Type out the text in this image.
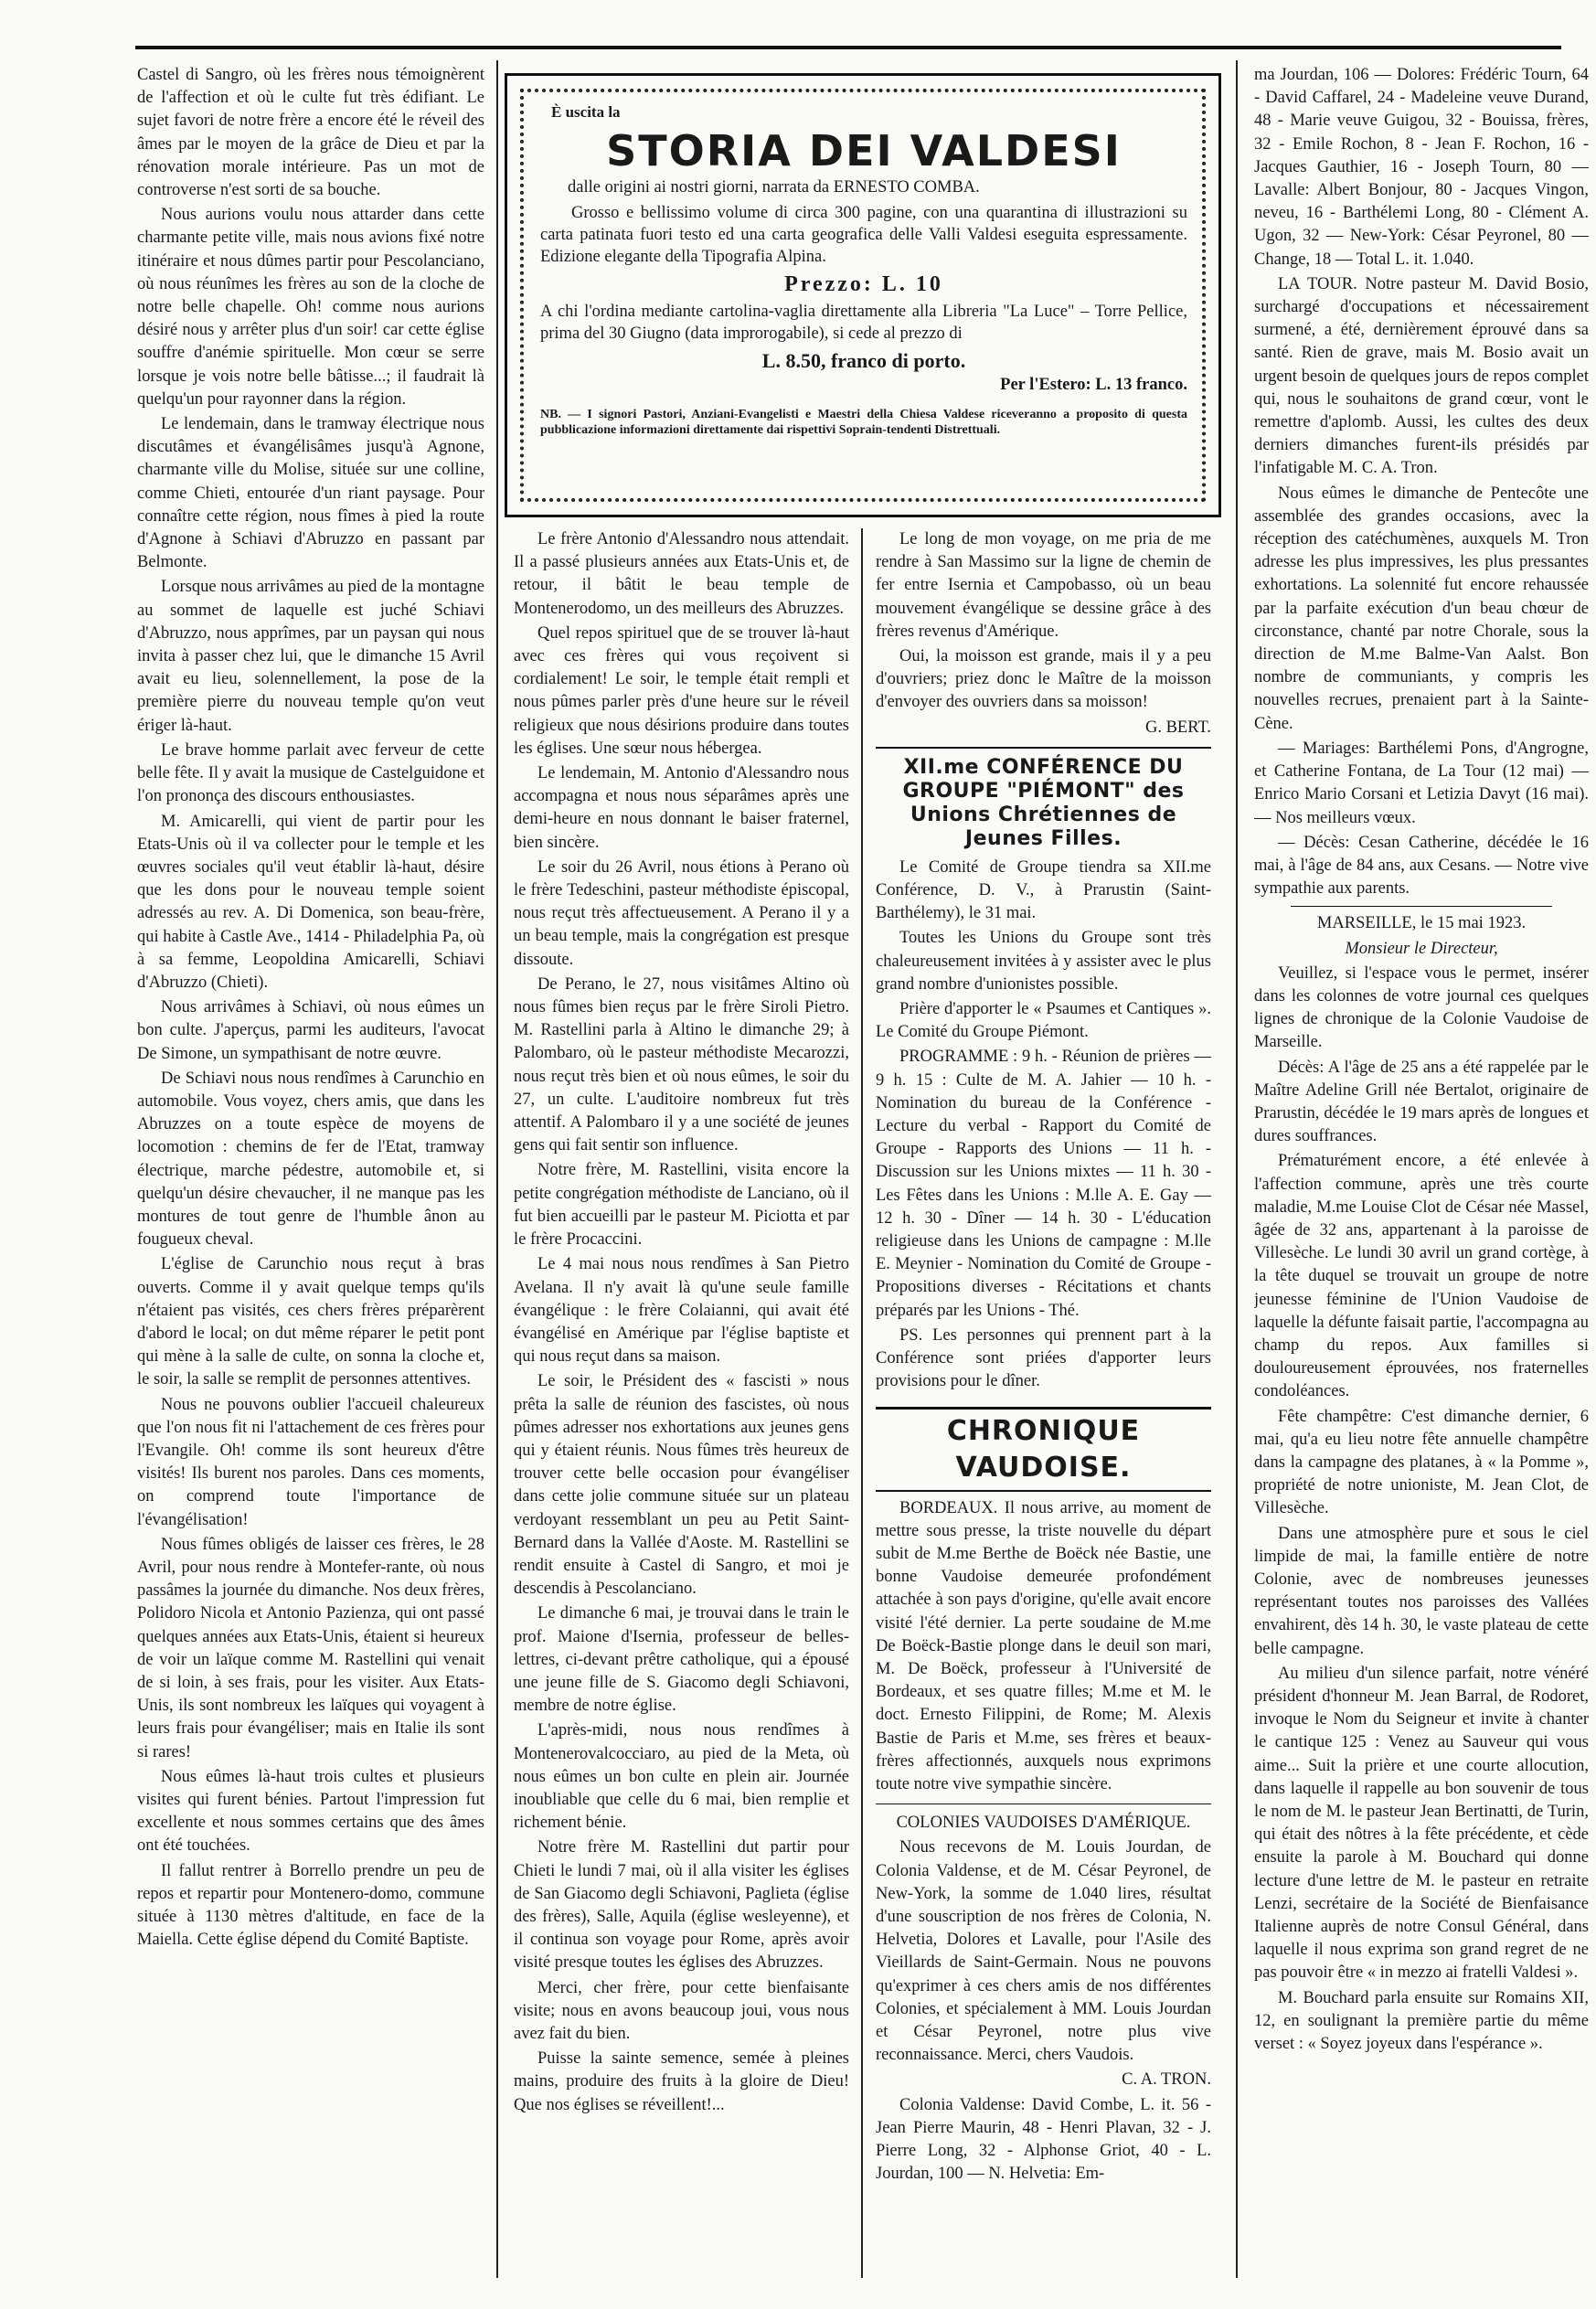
Castel di Sangro, où les frères nous témoignèrent de l'affection et où le culte fut très édifiant. Le sujet favori de notre frère a encore été le réveil des âmes par le moyen de la grâce de Dieu et par la rénovation morale intérieure. Pas un mot de controverse n'est sorti de sa bouche.

Nous aurions voulu nous attarder dans cette charmante petite ville, mais nous avions fixé notre itinéraire et nous dûmes partir pour Pescolanciano, où nous réunîmes les frères au son de la cloche de notre belle chapelle. Oh! comme nous aurions désiré nous y arrêter plus d'un soir! car cette église souffre d'anémie spirituelle. Mon cœur se serre lorsque je vois notre belle bâtisse...; il faudrait là quelqu'un pour rayonner dans la région.

Le lendemain, dans le tramway électrique nous discutâmes et évangélisâmes jusqu'à Agnone, charmante ville du Molise, située sur une colline, comme Chieti, entourée d'un riant paysage. Pour connaître cette région, nous fîmes à pied la route d'Agnone à Schiavi d'Abruzzo en passant par Belmonte.

Lorsque nous arrivâmes au pied de la montagne au sommet de laquelle est juché Schiavi d'Abruzzo, nous apprîmes, par un paysan qui nous invita à passer chez lui, que le dimanche 15 Avril avait eu lieu, solennellement, la pose de la première pierre du nouveau temple qu'on veut ériger là-haut.

Le brave homme parlait avec ferveur de cette belle fête. Il y avait la musique de Castelguidone et l'on prononça des discours enthousiastes.

M. Amicarelli, qui vient de partir pour les Etats-Unis où il va collecter pour le temple et les œuvres sociales qu'il veut établir là-haut, désire que les dons pour le nouveau temple soient adressés au rev. A. Di Domenica, son beau-frère, qui habite à Castle Ave., 1414 - Philadelphia Pa, où à sa femme, Leopoldina Amicarelli, Schiavi d'Abruzzo (Chieti).

Nous arrivâmes à Schiavi, où nous eûmes un bon culte. J'aperçus, parmi les auditeurs, l'avocat De Simone, un sympathisant de notre œuvre.

De Schiavi nous nous rendîmes à Carunchio en automobile. Vous voyez, chers amis, que dans les Abruzzes on a toute espèce de moyens de locomotion : chemins de fer de l'Etat, tramway électrique, marche pédestre, automobile et, si quelqu'un désire chevaucher, il ne manque pas les montures de tout genre de l'humble ânon au fougueux cheval.

L'église de Carunchio nous reçut à bras ouverts. Comme il y avait quelque temps qu'ils n'étaient pas visités, ces chers frères préparèrent d'abord le local; on dut même réparer le petit pont qui mène à la salle de culte, on sonna la cloche et, le soir, la salle se remplit de personnes attentives.

Nous ne pouvons oublier l'accueil chaleureux que l'on nous fit ni l'attachement de ces frères pour l'Evangile. Oh! comme ils sont heureux d'être visités! Ils burent nos paroles. Dans ces moments, on comprend toute l'importance de l'évangélisation!

Nous fûmes obligés de laisser ces frères, le 28 Avril, pour nous rendre à Montefer-rante, où nous passâmes la journée du dimanche. Nos deux frères, Polidoro Nicola et Antonio Pazienza, qui ont passé quelques années aux Etats-Unis, étaient si heureux de voir un laïque comme M. Rastellini qui venait de si loin, à ses frais, pour les visiter. Aux Etats-Unis, ils sont nombreux les laïques qui voyagent à leurs frais pour évangéliser; mais en Italie ils sont si rares!

Nous eûmes là-haut trois cultes et plusieurs visites qui furent bénies. Partout l'impression fut excellente et nous sommes certains que des âmes ont été touchées.

Il fallut rentrer à Borrello prendre un peu de repos et repartir pour Montenero-domo, commune située à 1130 mètres d'altitude, en face de la Maiella. Cette église dépend du Comité Baptiste.

È uscita la
STORIA DEI VALDESI
dalle origini ai nostri giorni, narrata da ERNESTO COMBA.

Grosso e bellissimo volume di circa 300 pagine, con una quarantina di illustrazioni su carta patinata fuori testo ed una carta geografica delle Valli Valdesi eseguita espressamente. Edizione elegante della Tipografia Alpina.

Prezzo: L. 10

A chi l'ordina mediante cartolina-vaglia direttamente alla Libreria "La Luce" – Torre Pellice, prima del 30 Giugno (data improrogabile), si cede al prezzo di

L. 8.50, franco di porto.
Per l'Estero: L. 13 franco.
NB. — I signori Pastori, Anziani-Evangelisti e Maestri della Chiesa Valdese riceveranno a proposito di questa pubblicazione informazioni direttamente dai rispettivi Soprain-tendenti Distrettuali.

Le frère Antonio d'Alessandro nous attendait. Il a passé plusieurs années aux Etats-Unis et, de retour, il bâtit le beau temple de Montenerodomo, un des meilleurs des Abruzzes.

Quel repos spirituel que de se trouver là-haut avec ces frères qui vous reçoivent si cordialement! Le soir, le temple était rempli et nous pûmes parler près d'une heure sur le réveil religieux que nous désirions produire dans toutes les églises. Une sœur nous hébergea.

Le lendemain, M. Antonio d'Alessandro nous accompagna et nous nous séparâmes après une demi-heure en nous donnant le baiser fraternel, bien sincère.

Le soir du 26 Avril, nous étions à Perano où le frère Tedeschini, pasteur méthodiste épiscopal, nous reçut très affectueusement. A Perano il y a un beau temple, mais la congrégation est presque dissoute.

De Perano, le 27, nous visitâmes Altino où nous fûmes bien reçus par le frère Siroli Pietro. M. Rastellini parla à Altino le dimanche 29; à Palombaro, où le pasteur méthodiste Mecarozzi, nous reçut très bien et où nous eûmes, le soir du 27, un culte. L'auditoire nombreux fut très attentif. A Palombaro il y a une société de jeunes gens qui fait sentir son influence.

Notre frère, M. Rastellini, visita encore la petite congrégation méthodiste de Lanciano, où il fut bien accueilli par le pasteur M. Piciotta et par le frère Procaccini.

Le 4 mai nous nous rendîmes à San Pietro Avelana. Il n'y avait là qu'une seule famille évangélique : le frère Colaianni, qui avait été évangélisé en Amérique par l'église baptiste et qui nous reçut dans sa maison.

Le soir, le Président des « fascisti » nous prêta la salle de réunion des fascistes, où nous pûmes adresser nos exhortations aux jeunes gens qui y étaient réunis. Nous fûmes très heureux de trouver cette belle occasion pour évangéliser dans cette jolie commune située sur un plateau verdoyant ressemblant un peu au Petit Saint-Bernard dans la Vallée d'Aoste. M. Rastellini se rendit ensuite à Castel di Sangro, et moi je descendis à Pescolanciano.

Le dimanche 6 mai, je trouvai dans le train le prof. Maione d'Isernia, professeur de belles-lettres, ci-devant prêtre catholique, qui a épousé une jeune fille de S. Giacomo degli Schiavoni, membre de notre église.

L'après-midi, nous nous rendîmes à Montenerovalcocciaro, au pied de la Meta, où nous eûmes un bon culte en plein air. Journée inoubliable que celle du 6 mai, bien remplie et richement bénie.

Notre frère M. Rastellini dut partir pour Chieti le lundi 7 mai, où il alla visiter les églises de San Giacomo degli Schiavoni, Paglieta (église des frères), Salle, Aquila (église wesleyenne), et il continua son voyage pour Rome, après avoir visité presque toutes les églises des Abruzzes.

Merci, cher frère, pour cette bienfaisante visite; nous en avons beaucoup joui, vous nous avez fait du bien.

Puisse la sainte semence, semée à pleines mains, produire des fruits à la gloire de Dieu! Que nos églises se réveillent!...

Le long de mon voyage, on me pria de me rendre à San Massimo sur la ligne de chemin de fer entre Isernia et Campobasso, où un beau mouvement évangélique se dessine grâce à des frères revenus d'Amérique.

Oui, la moisson est grande, mais il y a peu d'ouvriers; priez donc le Maître de la moisson d'envoyer des ouvriers dans sa moisson!

G. BERT.

XII.me CONFÉRENCE DU GROUPE "PIÉMONT" des Unions Chrétiennes de Jeunes Filles.

Le Comité de Groupe tiendra sa XII.me Conférence, D. V., à Prarustin (Saint-Barthélemy), le 31 mai.

Toutes les Unions du Groupe sont très chaleureusement invitées à y assister avec le plus grand nombre d'unionistes possible.

Prière d'apporter le « Psaumes et Cantiques ». Le Comité du Groupe Piémont.

PROGRAMME : 9 h. - Réunion de prières — 9 h. 15 : Culte de M. A. Jahier — 10 h. - Nomination du bureau de la Conférence - Lecture du verbal - Rapport du Comité de Groupe - Rapports des Unions — 11 h. - Discussion sur les Unions mixtes — 11 h. 30 - Les Fêtes dans les Unions : M.lle A. E. Gay — 12 h. 30 - Dîner — 14 h. 30 - L'éducation religieuse dans les Unions de campagne : M.lle E. Meynier - Nomination du Comité de Groupe - Propositions diverses - Récitations et chants préparés par les Unions - Thé.

PS. Les personnes qui prennent part à la Conférence sont priées d'apporter leurs provisions pour le dîner.

CHRONIQUE VAUDOISE.

BORDEAUX. Il nous arrive, au moment de mettre sous presse, la triste nouvelle du départ subit de M.me Berthe de Boëck née Bastie, une bonne Vaudoise demeurée profondément attachée à son pays d'origine, qu'elle avait encore visité l'été dernier. La perte soudaine de M.me De Boëck-Bastie plonge dans le deuil son mari, M. De Boëck, professeur à l'Université de Bordeaux, et ses quatre filles; M.me et M. le doct. Ernesto Filippini, de Rome; M. Alexis Bastie de Paris et M.me, ses frères et beaux-frères affectionnés, auxquels nous exprimons toute notre vive sympathie sincère.

COLONIES VAUDOISES D'AMÉRIQUE.

Nous recevons de M. Louis Jourdan, de Colonia Valdense, et de M. César Peyronel, de New-York, la somme de 1.040 lires, résultat d'une souscription de nos frères de Colonia, N. Helvetia, Dolores et Lavalle, pour l'Asile des Vieillards de Saint-Germain. Nous ne pouvons qu'exprimer à ces chers amis de nos différentes Colonies, et spécialement à MM. Louis Jourdan et César Peyronel, notre plus vive reconnaissance. Merci, chers Vaudois.

C. A. TRON.

Colonia Valdense: David Combe, L. it. 56 - Jean Pierre Maurin, 48 - Henri Plavan, 32 - J. Pierre Long, 32 - Alphonse Griot, 40 - L. Jourdan, 100 — N. Helvetia: Em-

ma Jourdan, 106 — Dolores: Frédéric Tourn, 64 - David Caffarel, 24 - Madeleine veuve Durand, 48 - Marie veuve Guigou, 32 - Bouissa, frères, 32 - Emile Rochon, 8 - Jean F. Rochon, 16 - Jacques Gauthier, 16 - Joseph Tourn, 80 — Lavalle: Albert Bonjour, 80 - Jacques Vingon, neveu, 16 - Barthélemi Long, 80 - Clément A. Ugon, 32 — New-York: César Peyronel, 80 — Change, 18 — Total L. it. 1.040.

LA TOUR. Notre pasteur M. David Bosio, surchargé d'occupations et nécessairement surmené, a été, dernièrement éprouvé dans sa santé. Rien de grave, mais M. Bosio avait un urgent besoin de quelques jours de repos complet qui, nous le souhaitons de grand cœur, vont le remettre d'aplomb. Aussi, les cultes des deux derniers dimanches furent-ils présidés par l'infatigable M. C. A. Tron.

Nous eûmes le dimanche de Pentecôte une assemblée des grandes occasions, avec la réception des catéchumènes, auxquels M. Tron adresse les plus impressives, les plus pressantes exhortations. La solennité fut encore rehaussée par la parfaite exécution d'un beau chœur de circonstance, chanté par notre Chorale, sous la direction de M.me Balme-Van Aalst. Bon nombre de communiants, y compris les nouvelles recrues, prenaient part à la Sainte-Cène.

— Mariages: Barthélemi Pons, d'Angrogne, et Catherine Fontana, de La Tour (12 mai) — Enrico Mario Corsani et Letizia Davyt (16 mai). — Nos meilleurs vœux.

— Décès: Cesan Catherine, décédée le 16 mai, à l'âge de 84 ans, aux Cesans. — Notre vive sympathie aux parents.

MARSEILLE, le 15 mai 1923.

Monsieur le Directeur,

Veuillez, si l'espace vous le permet, insérer dans les colonnes de votre journal ces quelques lignes de chronique de la Colonie Vaudoise de Marseille.

Décès: A l'âge de 25 ans a été rappelée par le Maître Adeline Grill née Bertalot, originaire de Prarustin, décédée le 19 mars après de longues et dures souffrances.

Prématurément encore, a été enlevée à l'affection commune, après une très courte maladie, M.me Louise Clot de César née Massel, âgée de 32 ans, appartenant à la paroisse de Villesèche. Le lundi 30 avril un grand cortège, à la tête duquel se trouvait un groupe de notre jeunesse féminine de l'Union Vaudoise de laquelle la défunte faisait partie, l'accompagna au champ du repos. Aux familles si douloureusement éprouvées, nos fraternelles condoléances.

Fête champêtre: C'est dimanche dernier, 6 mai, qu'a eu lieu notre fête annuelle champêtre dans la campagne des platanes, à « la Pomme », propriété de notre unioniste, M. Jean Clot, de Villesèche.

Dans une atmosphère pure et sous le ciel limpide de mai, la famille entière de notre Colonie, avec de nombreuses jeunesses représentant toutes nos paroisses des Vallées envahirent, dès 14 h. 30, le vaste plateau de cette belle campagne.

Au milieu d'un silence parfait, notre vénéré président d'honneur M. Jean Barral, de Rodoret, invoque le Nom du Seigneur et invite à chanter le cantique 125 : Venez au Sauveur qui vous aime... Suit la prière et une courte allocution, dans laquelle il rappelle au bon souvenir de tous le nom de M. le pasteur Jean Bertinatti, de Turin, qui était des nôtres à la fête précédente, et cède ensuite la parole à M. Bouchard qui donne lecture d'une lettre de M. le pasteur en retraite Lenzi, secrétaire de la Société de Bienfaisance Italienne auprès de notre Consul Général, dans laquelle il nous exprima son grand regret de ne pas pouvoir être « in mezzo ai fratelli Valdesi ».

M. Bouchard parla ensuite sur Romains XII, 12, en soulignant la première partie du même verset : « Soyez joyeux dans l'espérance ».
